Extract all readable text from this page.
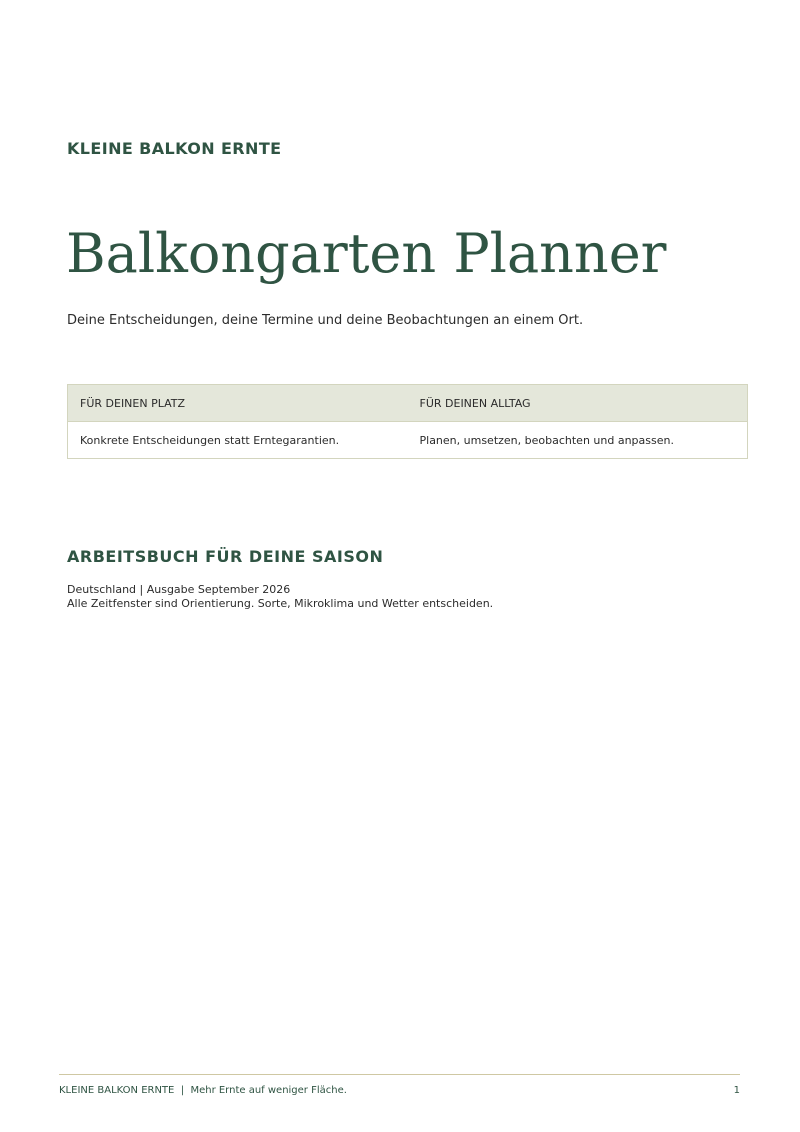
KLEINE BALKON ERNTE
Balkongarten Planner

Deine Entscheidungen, deine Termine und deine Beobachtungen an einem Ort.

FÜR DEINEN PLATZ	FÜR DEINEN ALLTAG
Konkrete Entscheidungen statt Erntegarantien.	Planen, umsetzen, beobachten und anpassen.
ARBEITSBUCH FÜR DEINE SAISON
Deutschland | Ausgabe September 2026
Alle Zeitfenster sind Orientierung. Sorte, Mikroklima und Wetter entscheiden.
KLEINE BALKON ERNTE  |  Mehr Ernte auf weniger Fläche.	1
